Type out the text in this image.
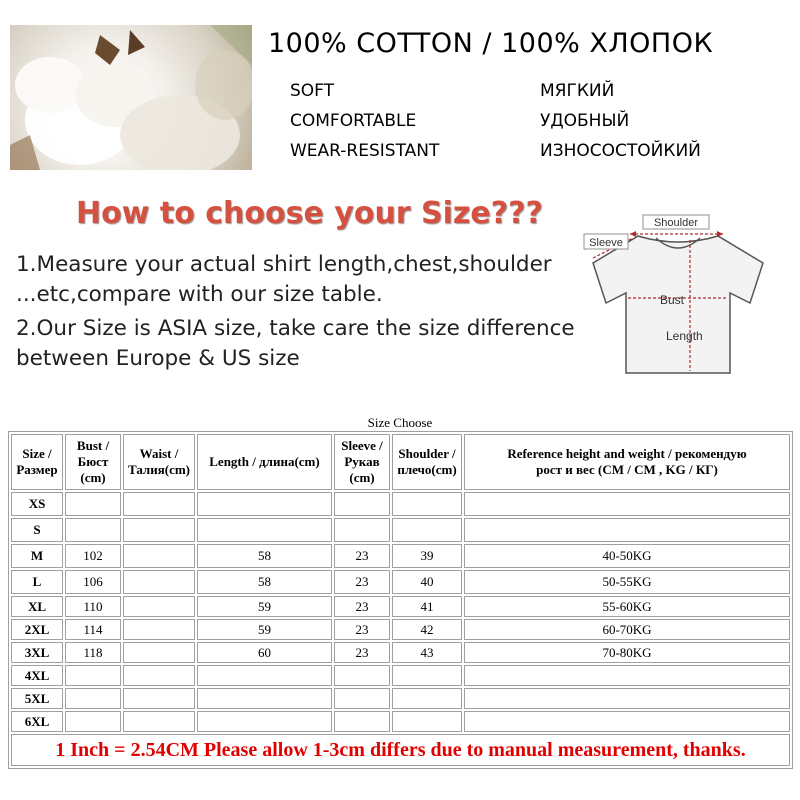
100% COTTON / 100% ХЛОПОК
SOFT
COMFORTABLE
WEAR-RESISTANT
МЯГКИЙ
УДОБНЫЙ
ИЗНОСОСТОЙКИЙ
How to choose your Size???

1.Measure your actual shirt length,chest,shoulder

...etc,compare with our size table.

2.Our Size is ASIA size, take care the size difference

between Europe & US size

Shoulder
Sleeve
Bust
Length
Size Choose
Size /
Размер	Bust /
Бюст
(cm)	Waist /
Талия(cm)	Length / длина(cm)	Sleeve /
Рукав
(cm)	Shoulder /
плечо(cm)	Reference height and weight / рекомендую
рост и вес (CM / CM , KG / КГ)
XS						
S						
M	102		58	23	39	40-50KG
L	106		58	23	40	50-55KG
XL	110		59	23	41	55-60KG
2XL	114		59	23	42	60-70KG
3XL	118		60	23	43	70-80KG
4XL						
5XL						
6XL						
1 Inch = 2.54CM Please allow 1-3cm differs due to manual measurement, thanks.						
